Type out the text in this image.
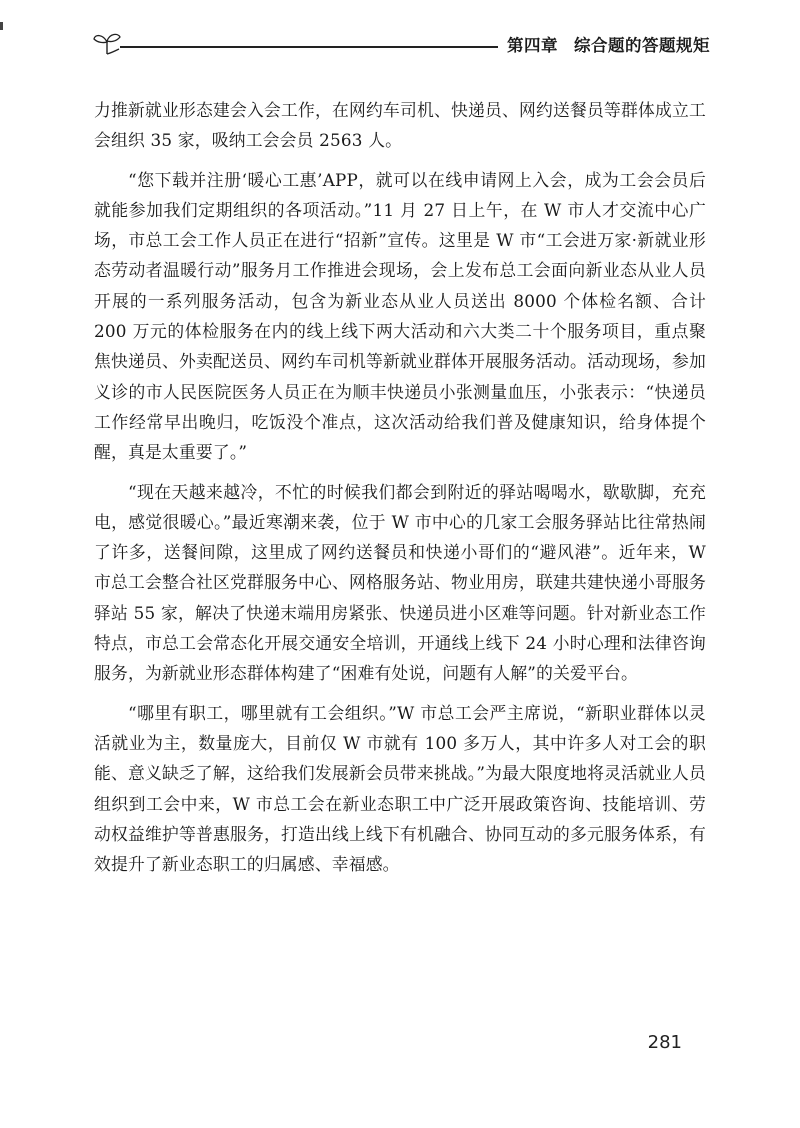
第四章 综合题的答题规矩

力推新就业形态建会入会工作，在网约车司机、快递员、网约送餐员等群体成立工会组织 35 家，吸纳工会会员 2563 人。

“您下载并注册‘暖心工惠’APP，就可以在线申请网上入会，成为工会会员后就能参加我们定期组织的各项活动。”11 月 27 日上午，在 W 市人才交流中心广场，市总工会工作人员正在进行“招新”宣传。这里是 W 市“工会进万家·新就业形态劳动者温暖行动”服务月工作推进会现场，会上发布总工会面向新业态从业人员开展的一系列服务活动，包含为新业态从业人员送出 8000 个体检名额、合计 200 万元的体检服务在内的线上线下两大活动和六大类二十个服务项目，重点聚焦快递员、外卖配送员、网约车司机等新就业群体开展服务活动。活动现场，参加义诊的市人民医院医务人员正在为顺丰快递员小张测量血压，小张表示：“快递员工作经常早出晚归，吃饭没个准点，这次活动给我们普及健康知识，给身体提个醒，真是太重要了。”

“现在天越来越冷，不忙的时候我们都会到附近的驿站喝喝水，歇歇脚，充充电，感觉很暖心。”最近寒潮来袭，位于 W 市中心的几家工会服务驿站比往常热闹了许多，送餐间隙，这里成了网约送餐员和快递小哥们的“避风港”。近年来，W 市总工会整合社区党群服务中心、网格服务站、物业用房，联建共建快递小哥服务驿站 55 家，解决了快递末端用房紧张、快递员进小区难等问题。针对新业态工作特点，市总工会常态化开展交通安全培训，开通线上线下 24 小时心理和法律咨询服务，为新就业形态群体构建了“困难有处说，问题有人解”的关爱平台。

“哪里有职工，哪里就有工会组织。”W 市总工会严主席说，“新职业群体以灵活就业为主，数量庞大，目前仅 W 市就有 100 多万人，其中许多人对工会的职能、意义缺乏了解，这给我们发展新会员带来挑战。”为最大限度地将灵活就业人员组织到工会中来，W 市总工会在新业态职工中广泛开展政策咨询、技能培训、劳动权益维护等普惠服务，打造出线上线下有机融合、协同互动的多元服务体系，有效提升了新业态职工的归属感、幸福感。

281
